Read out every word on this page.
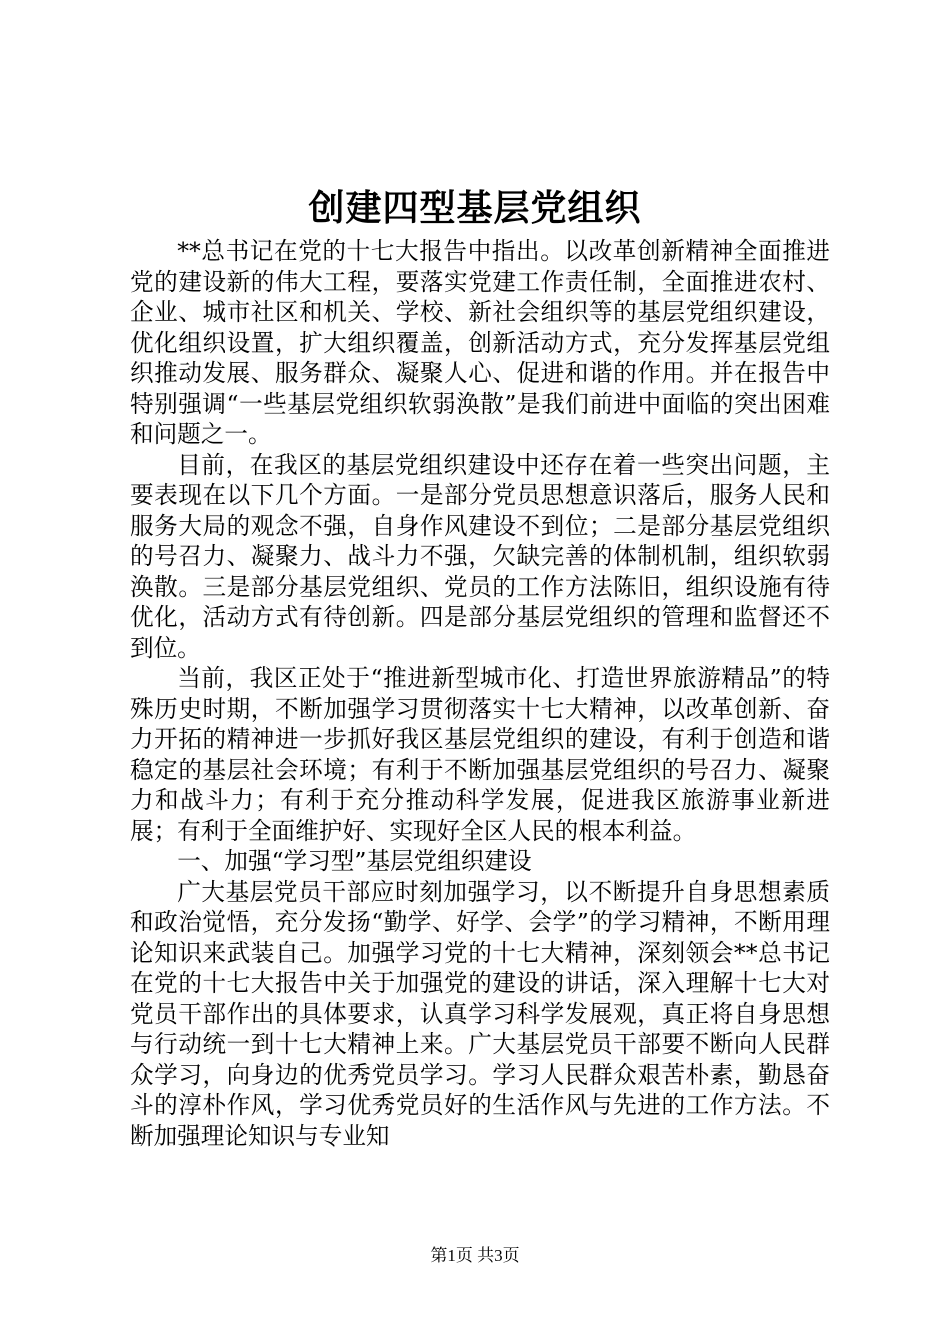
创建四型基层党组织

**总书记在党的十七大报告中指出。以改革创新精神全面推进党的建设新的伟大工程，要落实党建工作责任制，全面推进农村、企业、城市社区和机关、学校、新社会组织等的基层党组织建设，优化组织设置，扩大组织覆盖，创新活动方式，充分发挥基层党组织推动发展、服务群众、凝聚人心、促进和谐的作用。并在报告中特别强调“一些基层党组织软弱涣散”是我们前进中面临的突出困难和问题之一。

目前，在我区的基层党组织建设中还存在着一些突出问题，主要表现在以下几个方面。一是部分党员思想意识落后，服务人民和服务大局的观念不强，自身作风建设不到位；二是部分基层党组织的号召力、凝聚力、战斗力不强，欠缺完善的体制机制，组织软弱涣散。三是部分基层党组织、党员的工作方法陈旧，组织设施有待优化，活动方式有待创新。四是部分基层党组织的管理和监督还不到位。

当前，我区正处于“推进新型城市化、打造世界旅游精品”的特殊历史时期，不断加强学习贯彻落实十七大精神，以改革创新、奋力开拓的精神进一步抓好我区基层党组织的建设，有利于创造和谐稳定的基层社会环境；有利于不断加强基层党组织的号召力、凝聚力和战斗力；有利于充分推动科学发展，促进我区旅游事业新进展；有利于全面维护好、实现好全区人民的根本利益。

一、加强“学习型”基层党组织建设

广大基层党员干部应时刻加强学习，以不断提升自身思想素质和政治觉悟，充分发扬“勤学、好学、会学”的学习精神，不断用理论知识来武装自己。加强学习党的十七大精神，深刻领会**总书记在党的十七大报告中关于加强党的建设的讲话，深入理解十七大对党员干部作出的具体要求，认真学习科学发展观，真正将自身思想与行动统一到十七大精神上来。广大基层党员干部要不断向人民群众学习，向身边的优秀党员学习。学习人民群众艰苦朴素，勤恳奋斗的淳朴作风，学习优秀党员好的生活作风与先进的工作方法。不断加强理论知识与专业知

第1页 共3页
